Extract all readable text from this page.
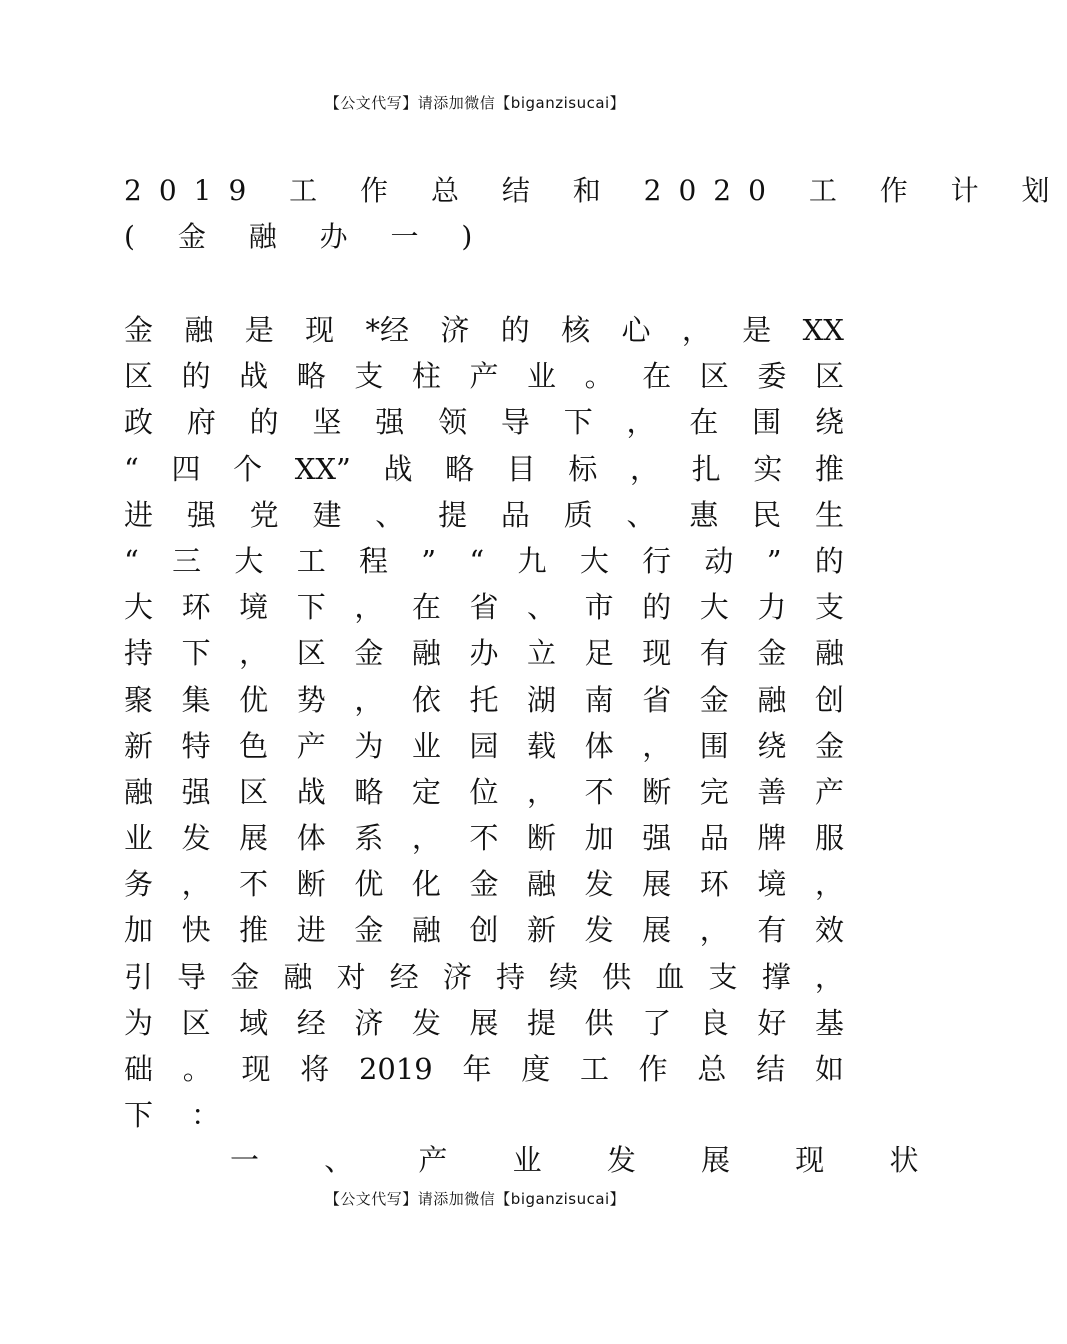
【公文代写】请添加微信【biganzisucai】
2019 工 作 总 结 和 2020 工 作 计 划
( 金 融 办 一 )
金 融 是 现 *经 济 的 核 心 ， 是 XX
区 的 战 略 支 柱 产 业 。 在 区 委 区
政 府 的 坚 强 领 导 下 ， 在 围 绕
“ 四 个 XX” 战 略 目 标 ， 扎 实 推
进 强 党 建 、 提 品 质 、 惠 民 生
“ 三 大 工 程 ” “ 九 大 行 动 ” 的
大 环 境 下 ， 在 省 、 市 的 大 力 支
持 下 ， 区 金 融 办 立 足 现 有 金 融
聚 集 优 势 ， 依 托 湖 南 省 金 融 创
新 特 色 产 为 业 园 载 体 ， 围 绕 金
融 强 区 战 略 定 位 ， 不 断 完 善 产
业 发 展 体 系 ， 不 断 加 强 品 牌 服
务 ， 不 断 优 化 金 融 发 展 环 境 ，
加 快 推 进 金 融 创 新 发 展 ， 有 效
引 导 金 融 对 经 济 持 续 供 血 支 撑 ，
为 区 域 经 济 发 展 提 供 了 良 好 基
础 。 现 将 2019 年 度 工 作 总 结 如
下 ：
一 、 产 业 发 展 现 状
【公文代写】请添加微信【biganzisucai】
